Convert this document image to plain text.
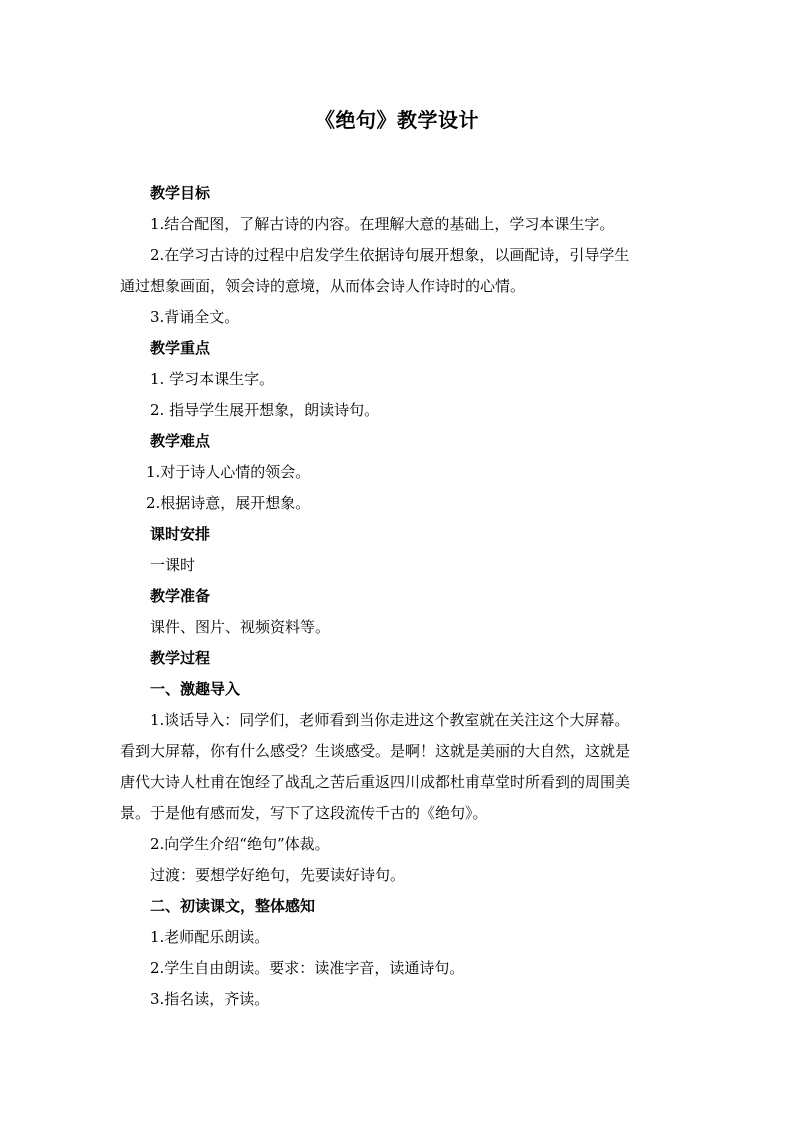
《绝句》教学设计
教学目标
1.结合配图，了解古诗的内容。在理解大意的基础上，学习本课生字。
2.在学习古诗的过程中启发学生依据诗句展开想象，以画配诗，引导学生
通过想象画面，领会诗的意境，从而体会诗人作诗时的心情。
3.背诵全文。
教学重点
1. 学习本课生字。
2. 指导学生展开想象，朗读诗句。
教学难点
1.对于诗人心情的领会。
2.根据诗意，展开想象。
课时安排
一课时
教学准备
课件、图片、视频资料等。
教学过程
一、激趣导入
1.谈话导入：同学们，老师看到当你走进这个教室就在关注这个大屏幕。
看到大屏幕，你有什么感受？生谈感受。是啊！这就是美丽的大自然，这就是
唐代大诗人杜甫在饱经了战乱之苦后重返四川成都杜甫草堂时所看到的周围美
景。于是他有感而发，写下了这段流传千古的《绝句》。
2.向学生介绍“绝句”体裁。
过渡：要想学好绝句，先要读好诗句。
二、初读课文，整体感知
1.老师配乐朗读。
2.学生自由朗读。要求：读准字音，读通诗句。
3.指名读，齐读。
